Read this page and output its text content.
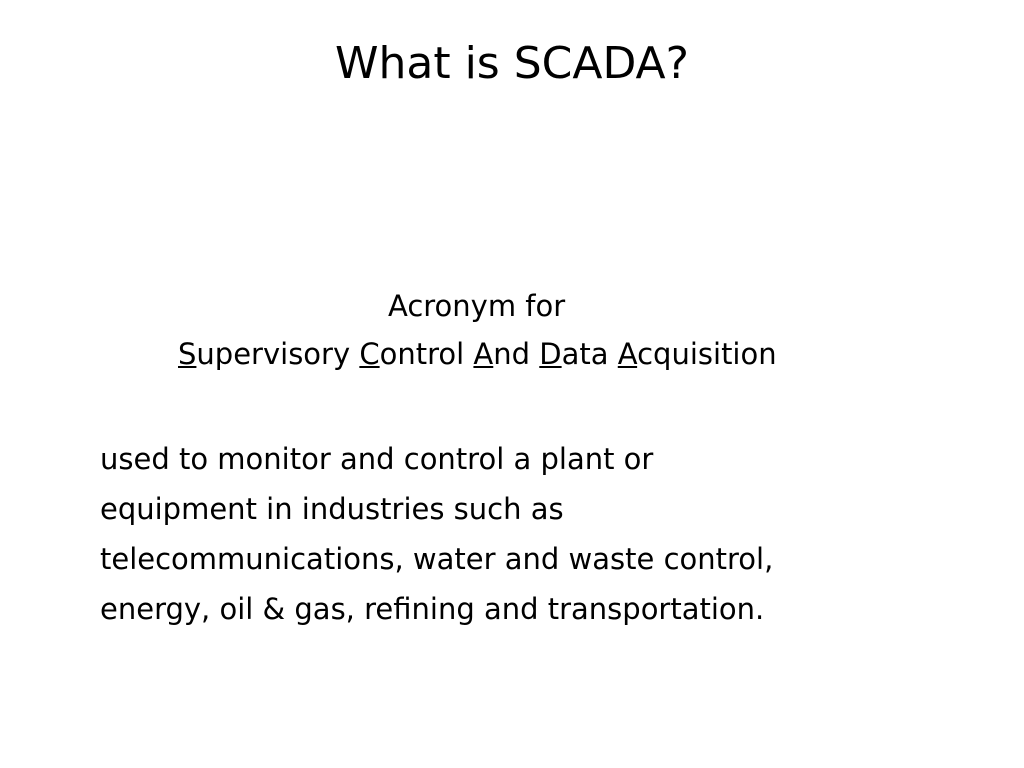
What is SCADA?
Acronym for
Supervisory Control And Data Acquisition
used to monitor and control a plant or
equipment in industries such as
telecommunications, water and waste control,
energy, oil & gas, refining and transportation.
